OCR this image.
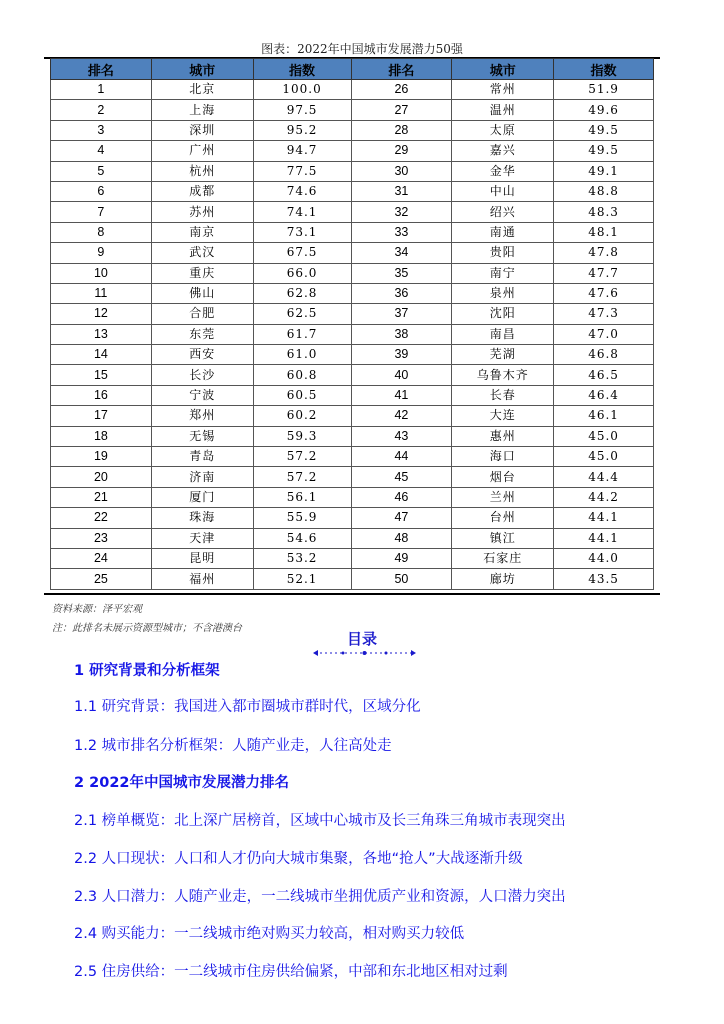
图表：2022年中国城市发展潜力50强
排名	城市	指数	排名	城市	指数
1	北京	100.0	26	常州	51.9
2	上海	97.5	27	温州	49.6
3	深圳	95.2	28	太原	49.5
4	广州	94.7	29	嘉兴	49.5
5	杭州	77.5	30	金华	49.1
6	成都	74.6	31	中山	48.8
7	苏州	74.1	32	绍兴	48.3
8	南京	73.1	33	南通	48.1
9	武汉	67.5	34	贵阳	47.8
10	重庆	66.0	35	南宁	47.7
11	佛山	62.8	36	泉州	47.6
12	合肥	62.5	37	沈阳	47.3
13	东莞	61.7	38	南昌	47.0
14	西安	61.0	39	芜湖	46.8
15	长沙	60.8	40	乌鲁木齐	46.5
16	宁波	60.5	41	长春	46.4
17	郑州	60.2	42	大连	46.1
18	无锡	59.3	43	惠州	45.0
19	青岛	57.2	44	海口	45.0
20	济南	57.2	45	烟台	44.4
21	厦门	56.1	46	兰州	44.2
22	珠海	55.9	47	台州	44.1
23	天津	54.6	48	镇江	44.1
24	昆明	53.2	49	石家庄	44.0
25	福州	52.1	50	廊坊	43.5
资料来源：泽平宏观
注：此排名未展示资源型城市；不含港澳台
目录
1 研究背景和分析框架
1.1 研究背景：我国进入都市圈城市群时代，区域分化
1.2 城市排名分析框架：人随产业走，人往高处走
2 2022年中国城市发展潜力排名
2.1 榜单概览：北上深广居榜首，区域中心城市及长三角珠三角城市表现突出
2.2 人口现状：人口和人才仍向大城市集聚，各地“抢人”大战逐渐升级
2.3 人口潜力：人随产业走，一二线城市坐拥优质产业和资源，人口潜力突出
2.4 购买能力：一二线城市绝对购买力较高，相对购买力较低
2.5 住房供给：一二线城市住房供给偏紧，中部和东北地区相对过剩
